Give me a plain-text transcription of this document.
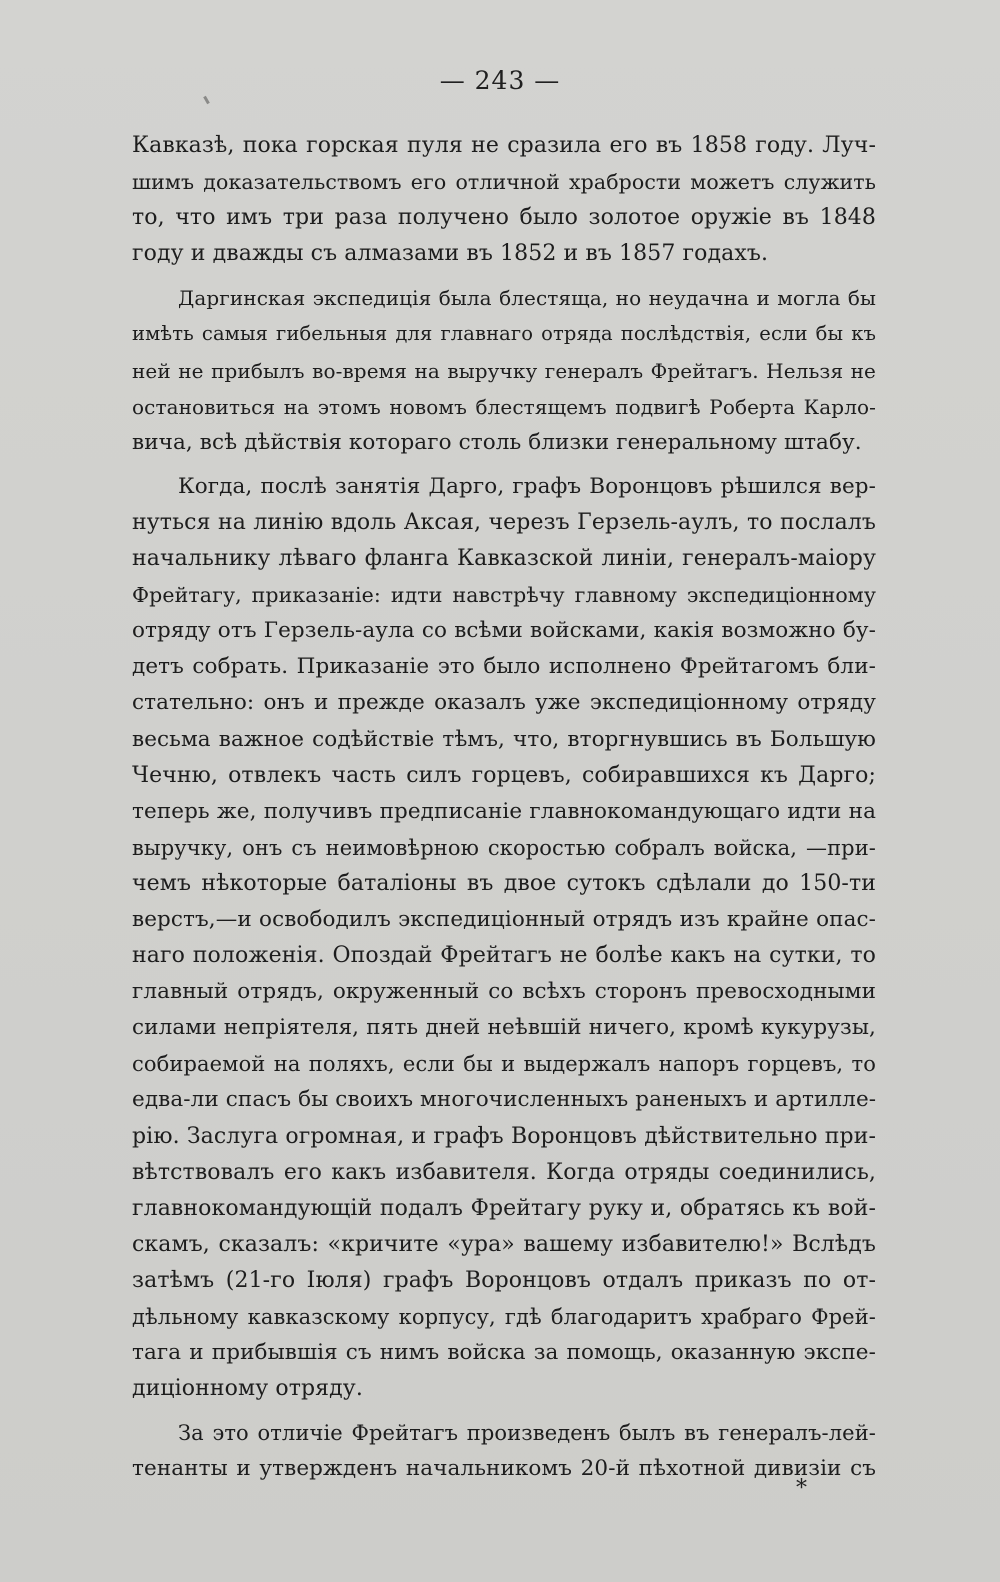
— 243 —

Кавказѣ, пока горская пуля не сразила его въ 1858 году. Луч-
шимъ доказательствомъ его отличной храбрости можетъ служить
то, что имъ три раза получено было золотое оружіе въ 1848
году и дважды съ алмазами въ 1852 и въ 1857 годахъ.

Даргинская экспедиція была блестяща, но неудачна и могла бы
имѣть самыя гибельныя для главнаго отряда послѣдствія, если бы къ
ней не прибылъ во-время на выручку генералъ Фрейтагъ. Нельзя не
остановиться на этомъ новомъ блестящемъ подвигѣ Роберта Карло-
вича, всѣ дѣйствія котораго столь близки генеральному штабу.

Когда, послѣ занятія Дарго, графъ Воронцовъ рѣшился вер-
нуться на линію вдоль Аксая, черезъ Герзель-аулъ, то послалъ
начальнику лѣваго фланга Кавказской линіи, генералъ-маіору
Фрейтагу, приказаніе: идти навстрѣчу главному экспедиціонному
отряду отъ Герзель-аула со всѣми войсками, какія возможно бу-
детъ собрать. Приказаніе это было исполнено Фрейтагомъ бли-
стательно: онъ и прежде оказалъ уже экспедиціонному отряду
весьма важное содѣйствіе тѣмъ, что, вторгнувшись въ Большую
Чечню, отвлекъ часть силъ горцевъ, собиравшихся къ Дарго;
теперь же, получивъ предписаніе главнокомандующаго идти на
выручку, онъ съ неимовѣрною скоростью собралъ войска, —при-
чемъ нѣкоторые баталіоны въ двое сутокъ сдѣлали до 150-ти
верстъ,—и освободилъ экспедиціонный отрядъ изъ крайне опас-
наго положенія. Опоздай Фрейтагъ не болѣе какъ на сутки, то
главный отрядъ, окруженный со всѣхъ сторонъ превосходными
силами непріятеля, пять дней неѣвшій ничего, кромѣ кукурузы,
собираемой на поляхъ, если бы и выдержалъ напоръ горцевъ, то
едва-ли спасъ бы своихъ многочисленныхъ раненыхъ и артилле-
рію. Заслуга огромная, и графъ Воронцовъ дѣйствительно при-
вѣтствовалъ его какъ избавителя. Когда отряды соединились,
главнокомандующій подалъ Фрейтагу руку и, обратясь къ вой-
скамъ, сказалъ: «кричите «ура» вашему избавителю!» Вслѣдъ
затѣмъ (21-го Іюля) графъ Воронцовъ отдалъ приказъ по от-
дѣльному кавказскому корпусу, гдѣ благодаритъ храбраго Фрей-
тага и прибывшія съ нимъ войска за помощь, оказанную экспе-
диціонному отряду.

За это отличіе Фрейтагъ произведенъ былъ въ генералъ-лей-
тенанты и утвержденъ начальникомъ 20-й пѣхотной дивизіи съ

*
